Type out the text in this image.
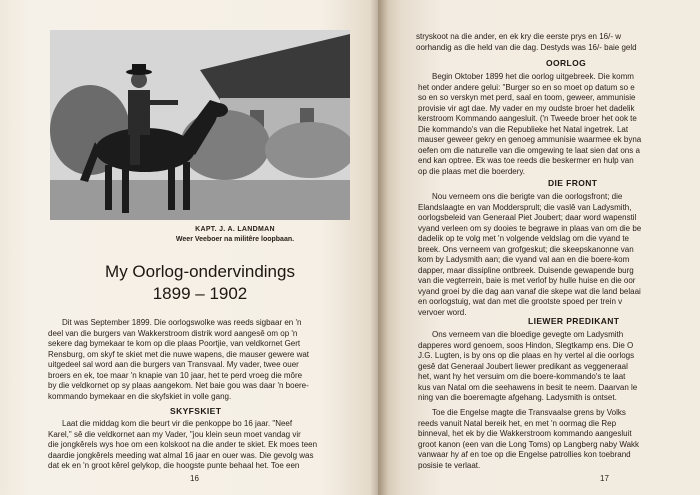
KAPT. J. A. LANDMAN
Weer Veeboer na militêre loopbaan.
My Oorlog-ondervindings
1899 – 1902

Dit was September 1899. Die oorlogswolke was reeds sigbaar en 'n

deel van die burgers van Wakkerstroom distrik word aangesê om op 'n

sekere dag bymekaar te kom op die plaas Poortjie, van veldkornet Gert

Rensburg, om skyf te skiet met die nuwe wapens, die mauser gewere wat

uitgedeel sal word aan die burgers van Transvaal. My vader, twee ouer

broers en ek, toe maar 'n knapie van 10 jaar, het te perd vroeg die môre

by die veldkornet op sy plaas aangekom. Net baie gou was daar 'n boere-

kommando bymekaar en die skyfskiet in volle gang.

SKYFSKIET

Laat die middag kom die beurt vir die penkoppe bo 16 jaar. "Neef

Karel," sê die veldkornet aan my Vader, "jou klein seun moet vandag vir

die jongkêrels wys hoe om een kolskoot na die ander te skiet. Ek moes teen

daardie jongkêrels meeding wat almal 16 jaar en ouer was. Die gevolg was

dat ek en 'n groot kêrel gelykop, die hoogste punte behaal het. Toe een

16

stryskoot na die ander, en ek kry die eerste prys en 16/- w

oorhandig as die held van die dag. Destyds was 16/- baie geld

OORLOG

Begin Oktober 1899 het die oorlog uitgebreek. Die komm

het onder andere gelui: "Burger so en so moet op datum so e

so en so verskyn met perd, saal en toom, geweer, ammunisie

provisie vir agt dae. My vader en my oudste broer het dadelik

kerstroom Kommando aangesluit. ('n Tweede broer het ook te

Die kommando's van die Republieke het Natal ingetrek. Lat

mauser geweer gekry en genoeg ammunisie waarmee ek byna

oefen om die naturelle van die omgewing te laat sien dat ons a

end kan optree. Ek was toe reeds die beskermer en hulp van

op die plaas met die boerdery.

DIE FRONT

Nou verneem ons die berigte van die oorlogsfront; die

Elandslaagte en van Moddersprult; die vaslê van Ladysmith,

oorlogsbeleid van Generaal Piet Joubert; daar word wapenstil

vyand verleen om sy dooies te begrawe in plaas van om die be

dadelik op te volg met 'n volgende veldslag om die vyand te

breek. Ons verneem van grofgeskut; die skeepskanonne van

kom by Ladysmith aan; die vyand val aan en die boere-kom

dapper, maar dissipline ontbreek. Duisende gewapende burg

van die vegterrein, baie is met verlof by hulle huise en die oor

vyand groei by die dag aan vanaf die skepe wat die land belaai

en oorlogstuig, wat dan met die grootste spoed per trein v

vervoer word.

LIEWER PREDIKANT

Ons verneem van die bloedige gevegte om Ladysmith

dapperes word genoem, soos Hindon, Slegtkamp ens. Die O

J.G. Lugten, is by ons op die plaas en hy vertel al die oorlogs

gesê dat Generaal Joubert liewer predikant as veggeneraal

het, want hy het versuim om die boere-kommando's te laat

kus van Natal om die seehawens in besit te neem. Daarvan le

ning van die boeremagte afgehang. Ladysmith is ontset.

Toe die Engelse magte die Transvaalse grens by Volks

reeds vanuit Natal bereik het, en met 'n oormag die Rep

binneval, het ek by die Wakkerstroom kommando aangesluit

groot kanon (een van die Long Toms) op Langberg naby Wakk

vanwaar hy af en toe op die Engelse patrollies kon toebrand

posisie te verlaat.

17
